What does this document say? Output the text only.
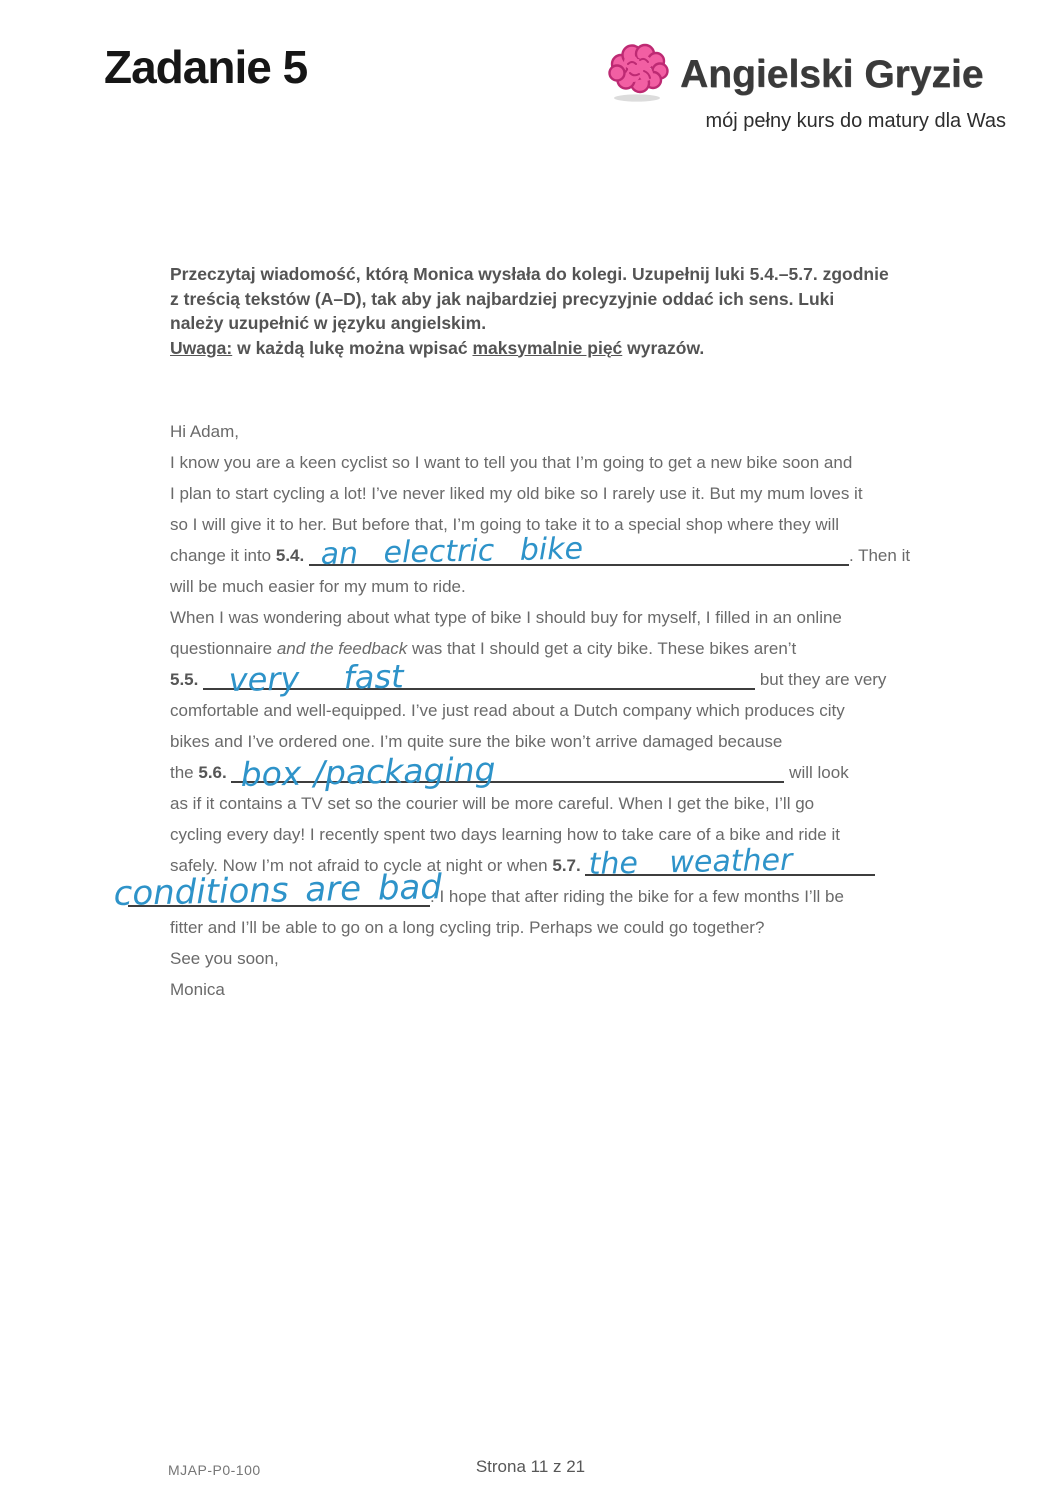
Zadanie 5	Angielski Gryzie
mój pełny kurs do matury dla Was
Przeczytaj wiadomość, którą Monica wysłała do kolegi. Uzupełnij luki 5.4.–5.7. zgodnie
z treścią tekstów (A–D), tak aby jak najbardziej precyzyjnie oddać ich sens. Luki
należy uzupełnić w języku angielskim.
Uwaga: w każdą lukę można wpisać maksymalnie pięć wyrazów.
Hi Adam,
I know you are a keen cyclist so I want to tell you that I’m going to get a new bike soon and
I plan to start cycling a lot! I’ve never liked my old bike so I rarely use it. But my mum loves it
so I will give it to her. But before that, I’m going to take it to a special shop where they will
change it into 5.4. an electric bike	. Then it
will be much easier for my mum to ride.
When I was wondering about what type of bike I should buy for myself, I filled in an online
questionnaire and the feedback was that I should get a city bike. These bikes aren’t
5.5. very fast	but they are very
comfortable and well-equipped. I’ve just read about a Dutch company which produces city
bikes and I’ve ordered one. I’m quite sure the bike won’t arrive damaged because
the 5.6. box /packaging	will look
as if it contains a TV set so the courier will be more careful. When I get the bike, I’ll go
cycling every day! I recently spent two days learning how to take care of a bike and ride it
safely. Now I’m not afraid to cycle at night or when 5.7. the weather
conditions are bad
. I hope that after riding the bike for a few months I’ll be
fitter and I’ll be able to go on a long cycling trip. Perhaps we could go together?
See you soon,
Monica
MJAP-P0-100	Strona 11 z 21
